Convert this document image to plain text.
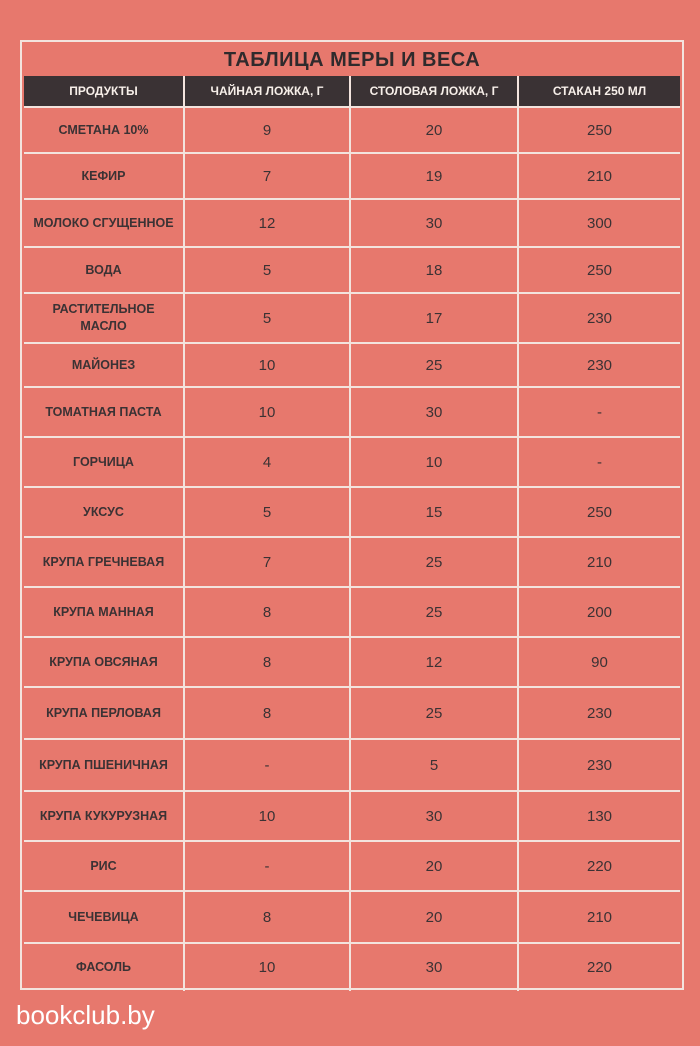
ТАБЛИЦА МЕРЫ И ВЕСА
ПРОДУКТЫ	ЧАЙНАЯ ЛОЖКА, Г	СТОЛОВАЯ ЛОЖКА, Г	СТАКАН 250 МЛ
СМЕТАНА 10%	9	20	250
КЕФИР	7	19	210
МОЛОКО СГУЩЕННОЕ	12	30	300
ВОДА	5	18	250
РАСТИТЕЛЬНОЕ МАСЛО	5	17	230
МАЙОНЕЗ	10	25	230
ТОМАТНАЯ ПАСТА	10	30	-
ГОРЧИЦА	4	10	-
УКСУС	5	15	250
КРУПА ГРЕЧНЕВАЯ	7	25	210
КРУПА МАННАЯ	8	25	200
КРУПА ОВСЯНАЯ	8	12	90
КРУПА ПЕРЛОВАЯ	8	25	230
КРУПА ПШЕНИЧНАЯ	-	5	230
КРУПА КУКУРУЗНАЯ	10	30	130
РИС	-	20	220
ЧЕЧЕВИЦА	8	20	210
ФАСОЛЬ	10	30	220
bookclub.by
